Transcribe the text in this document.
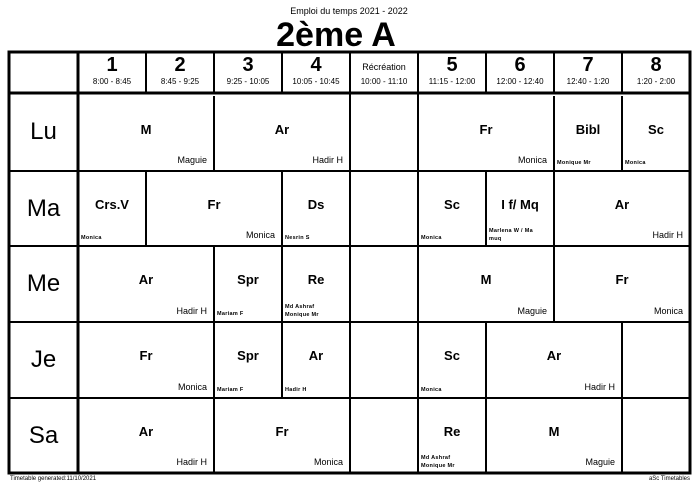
Emploi du temps 2021 - 2022
2ème A
1
8:00 - 8:45
2
8:45 - 9:25
3
9:25 - 10:05
4
10:05 - 10:45
Récréation
10:00 - 11:10
5
11:15 - 12:00
6
12:00 - 12:40
7
12:40 - 1:20
8
1:20 - 2:00
Lu
Ma
Me
Je
Sa
M
Maguie
Ar
Hadir H
Fr
Monica
Bibl
Monique Mr
Sc
Monica
Crs.V
Monica
Fr
Monica
Ds
Nesrin S
Sc
Monica
I f/ Mq
Marlena W / Ma
muq
Ar
Hadir H
Ar
Hadir H
Spr
Mariam F
Re
Md Ashraf
Monique Mr
M
Maguie
Fr
Monica
Fr
Monica
Spr
Mariam F
Ar
Hadir H
Sc
Monica
Ar
Hadir H
Ar
Hadir H
Fr
Monica
Re
Md Ashraf
Monique Mr
M
Maguie
Timetable generated:11/10/2021	aSc Timetables
